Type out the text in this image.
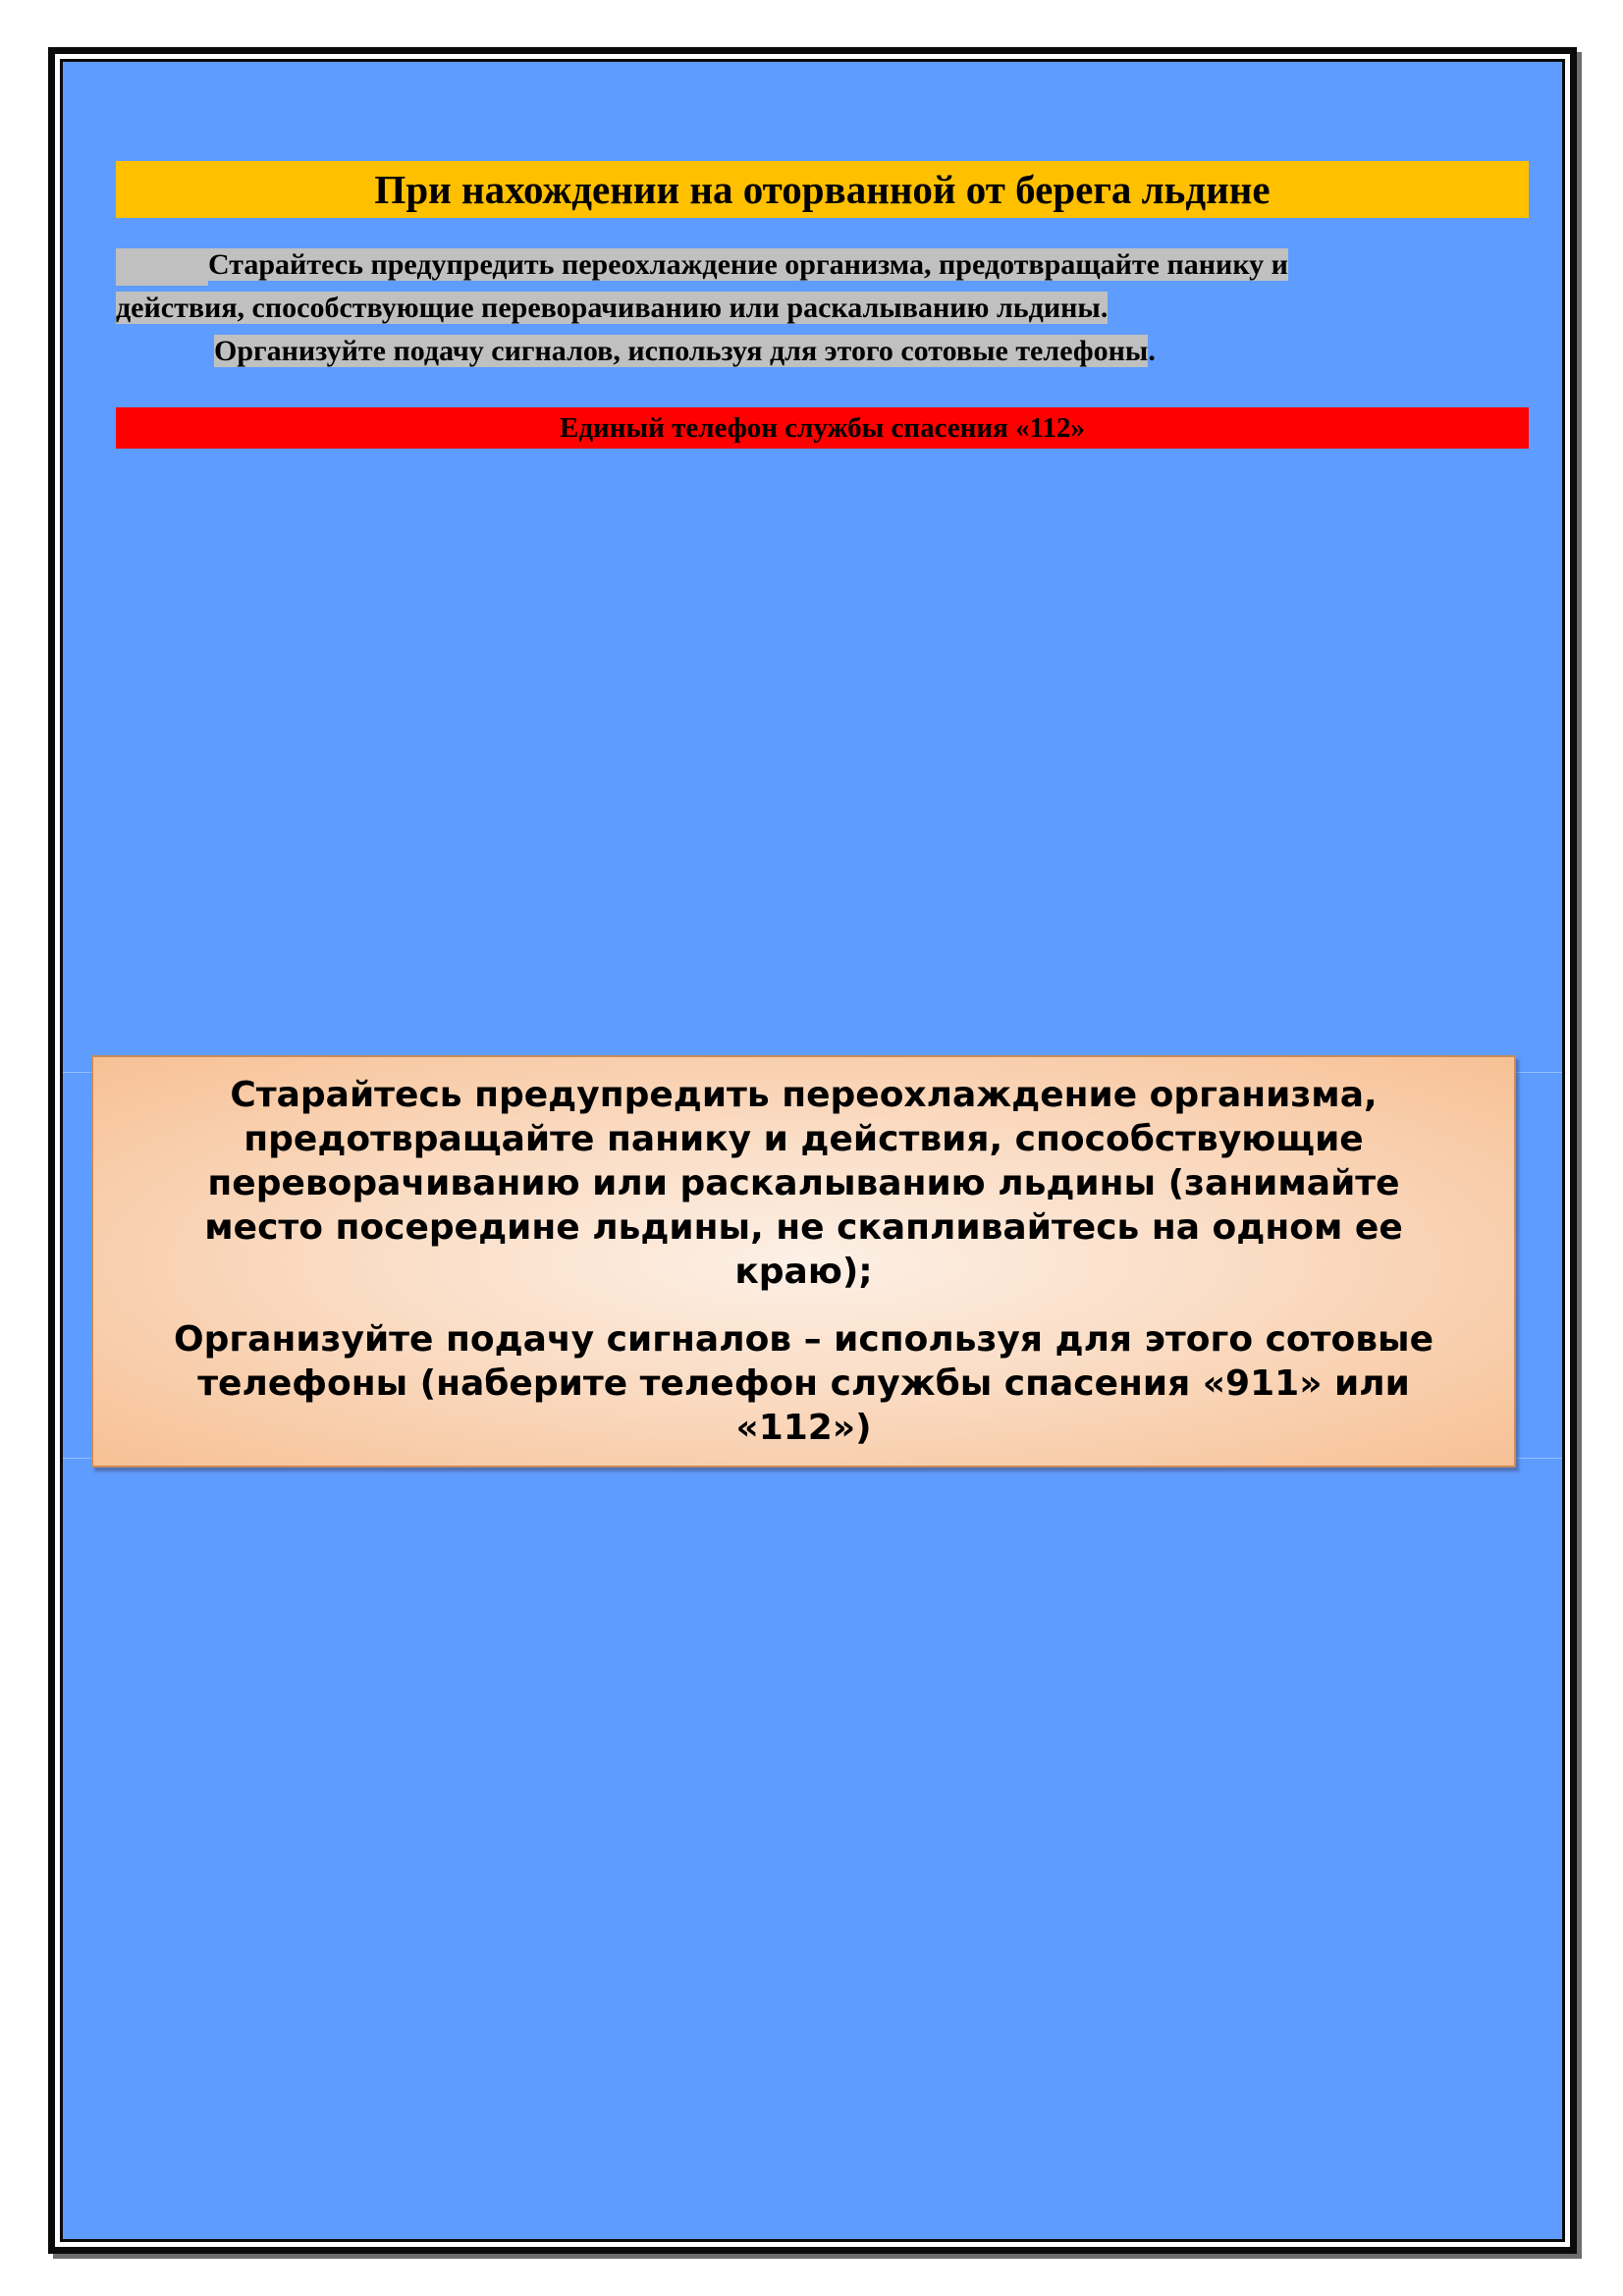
При нахождении на оторванной от берега льдине
Старайтесь предупредить переохлаждение организма, предотвращайте панику и
действия, способствующие переворачиванию или раскалыванию льдины.
Организуйте подачу сигналов, используя для этого сотовые телефоны.
Единый телефон службы спасения «112»
Старайтесь предупредить переохлаждение организма,
предотвращайте панику и действия, способствующие
переворачиванию или раскалыванию льдины (занимайте
место посередине льдины, не скапливайтесь на одном ее
краю);
Организуйте подачу сигналов – используя для этого сотовые
телефоны (наберите телефон службы спасения «911» или
«112»)
